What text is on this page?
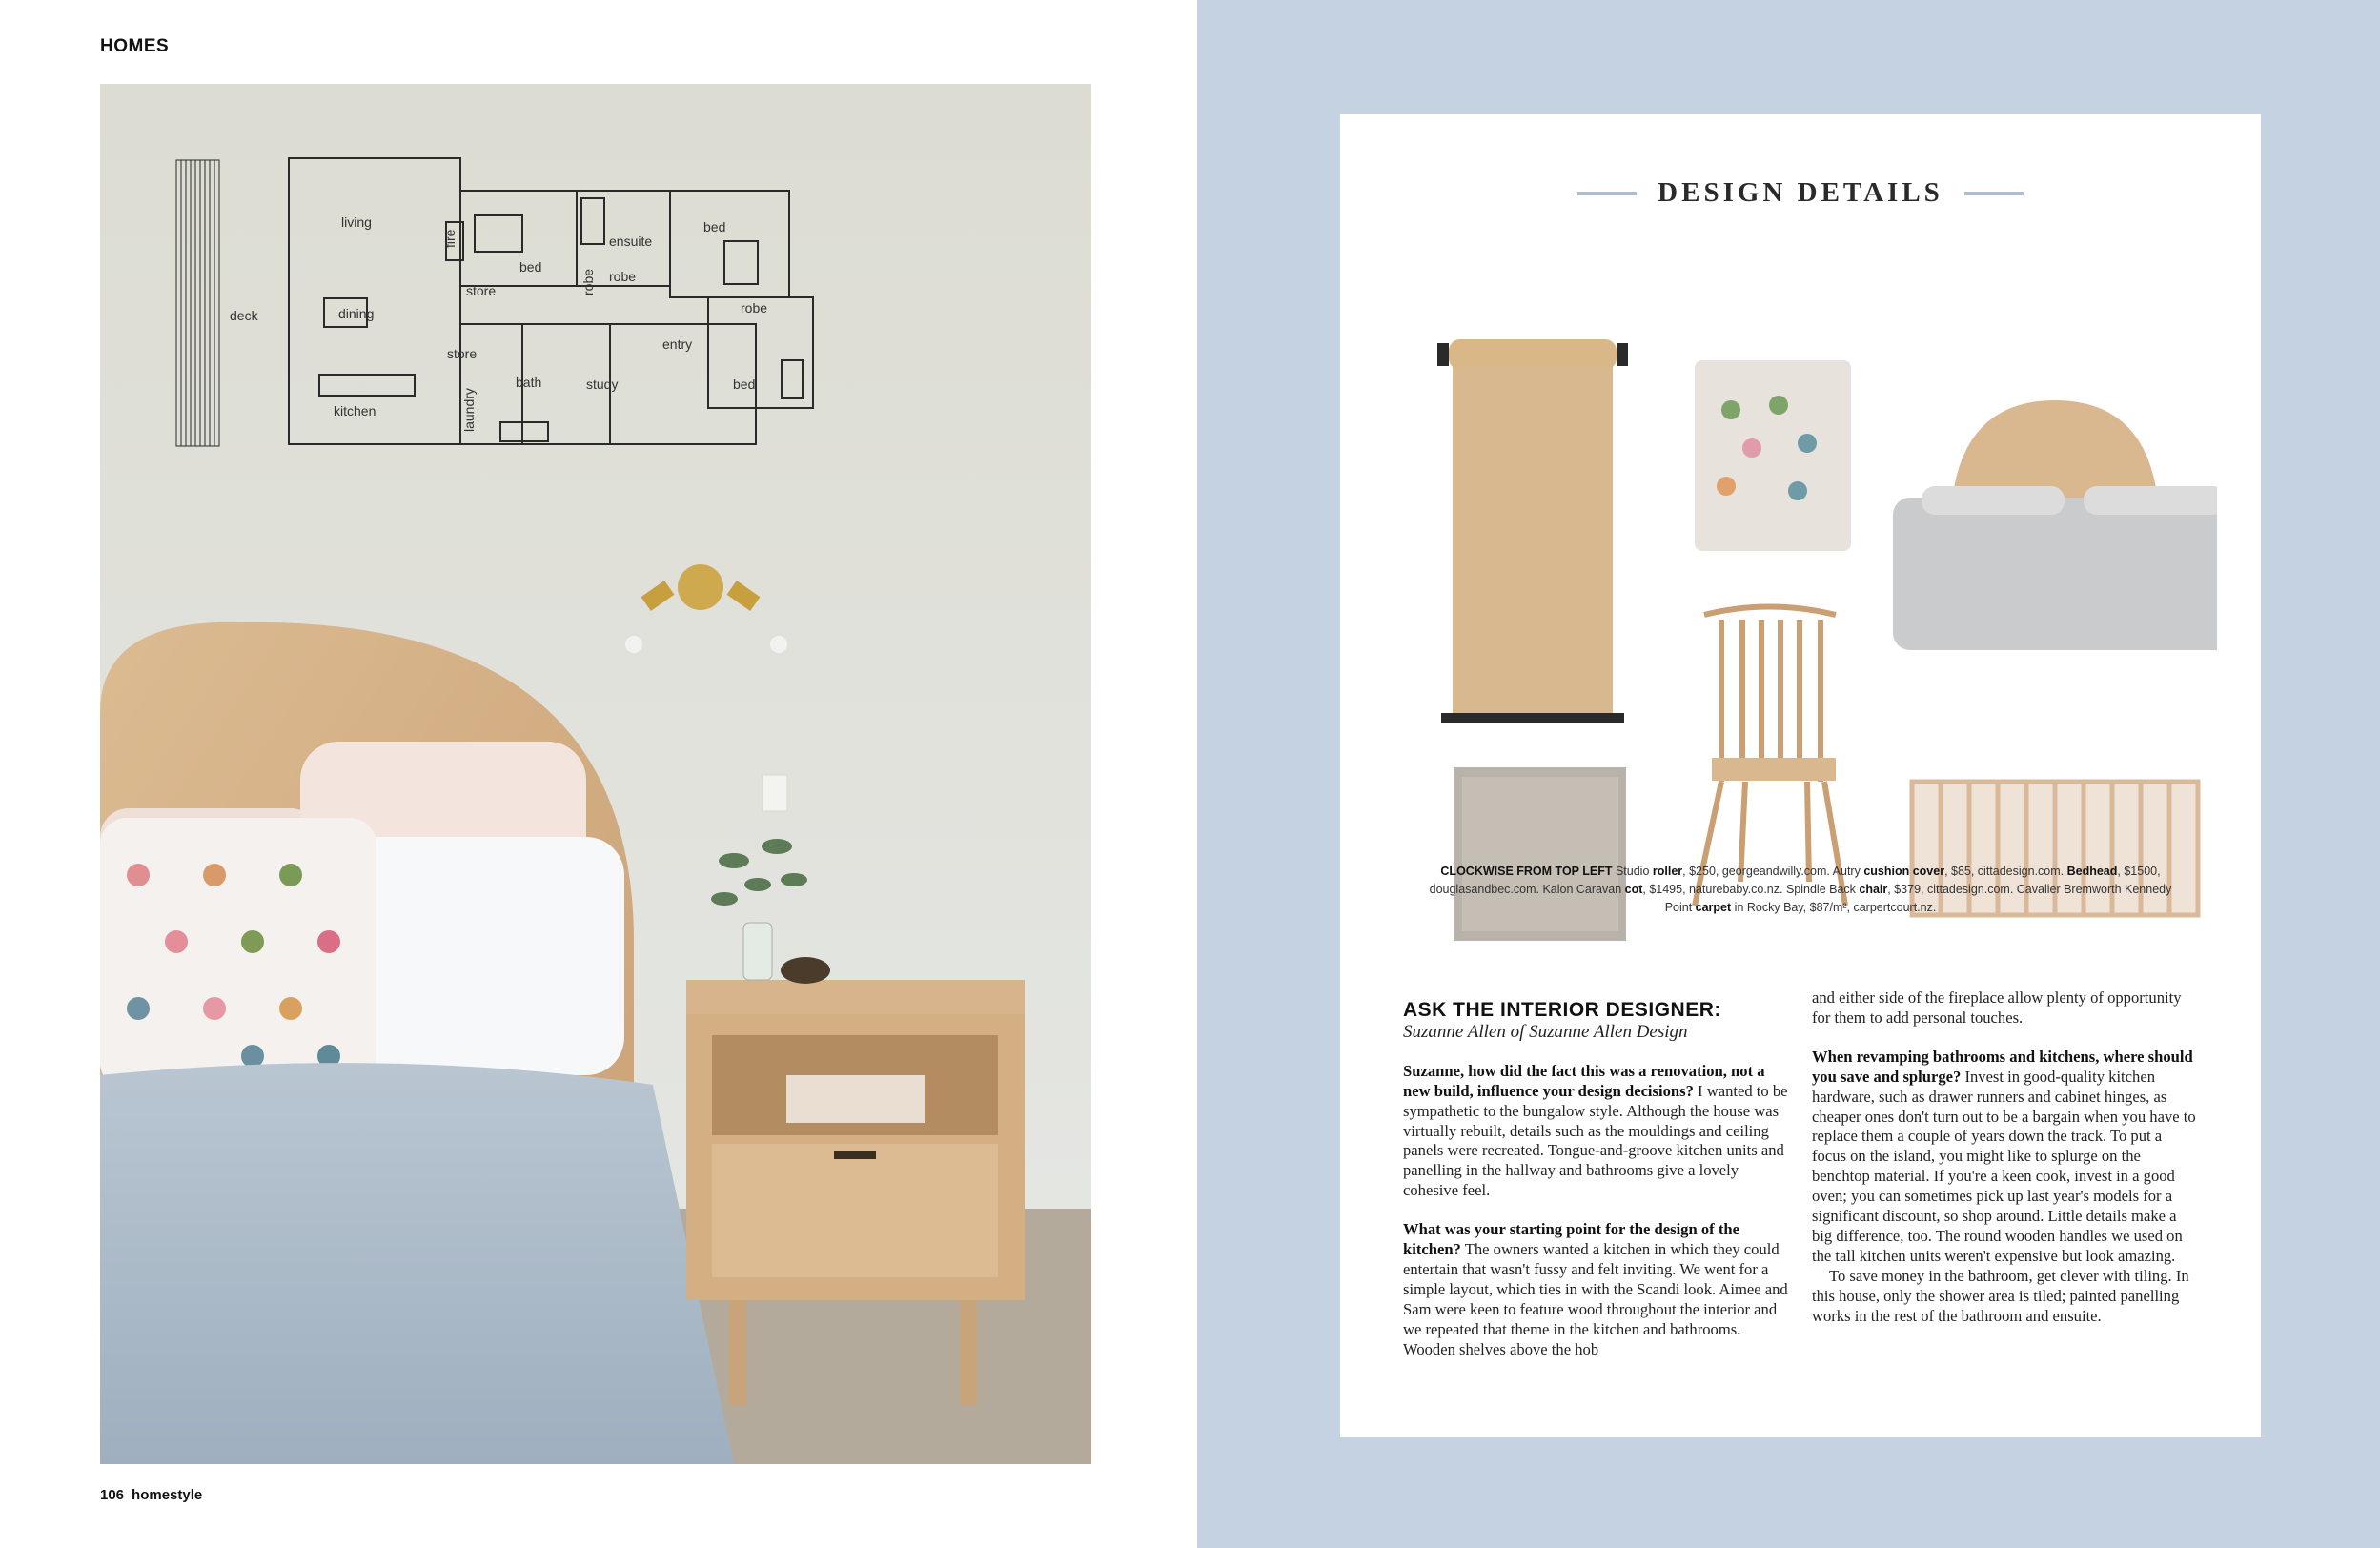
HOMES
living
fire
bed
ensuite
bed
robe
robe
robe
store
deck	dining
store
entry
bath	study	bed
kitchen	laundry
106 homestyle
DESIGN DETAILS
CLOCKWISE FROM TOP LEFT Studio roller, $250, georgeandwilly.com. Autry cushion cover, $85, cittadesign.com. Bedhead, $1500, douglasandbec.com. Kalon Caravan cot, $1495, naturebaby.co.nz. Spindle Back chair, $379, cittadesign.com. Cavalier Bremworth Kennedy Point carpet in Rocky Bay, $87/m², carpertcourt.nz.
ASK THE INTERIOR DESIGNER:
Suzanne Allen of Suzanne Allen Design

Suzanne, how did the fact this was a renovation, not a new build, influence your design decisions? I wanted to be sympathetic to the bungalow style. Although the house was virtually rebuilt, details such as the mouldings and ceiling panels were recreated. Tongue-and-groove kitchen units and panelling in the hallway and bathrooms give a lovely cohesive feel.

What was your starting point for the design of the kitchen? The owners wanted a kitchen in which they could entertain that wasn't fussy and felt inviting. We went for a simple layout, which ties in with the Scandi look. Aimee and Sam were keen to feature wood throughout the interior and we repeated that theme in the kitchen and bathrooms. Wooden shelves above the hob

and either side of the fireplace allow plenty of opportunity for them to add personal touches.

When revamping bathrooms and kitchens, where should you save and splurge? Invest in good-quality kitchen hardware, such as drawer runners and cabinet hinges, as cheaper ones don't turn out to be a bargain when you have to replace them a couple of years down the track. To put a focus on the island, you might like to splurge on the benchtop material. If you're a keen cook, invest in a good oven; you can sometimes pick up last year's models for a significant discount, so shop around. Little details make a big difference, too. The round wooden handles we used on the tall kitchen units weren't expensive but look amazing.

To save money in the bathroom, get clever with tiling. In this house, only the shower area is tiled; painted panelling works in the rest of the bathroom and ensuite.
